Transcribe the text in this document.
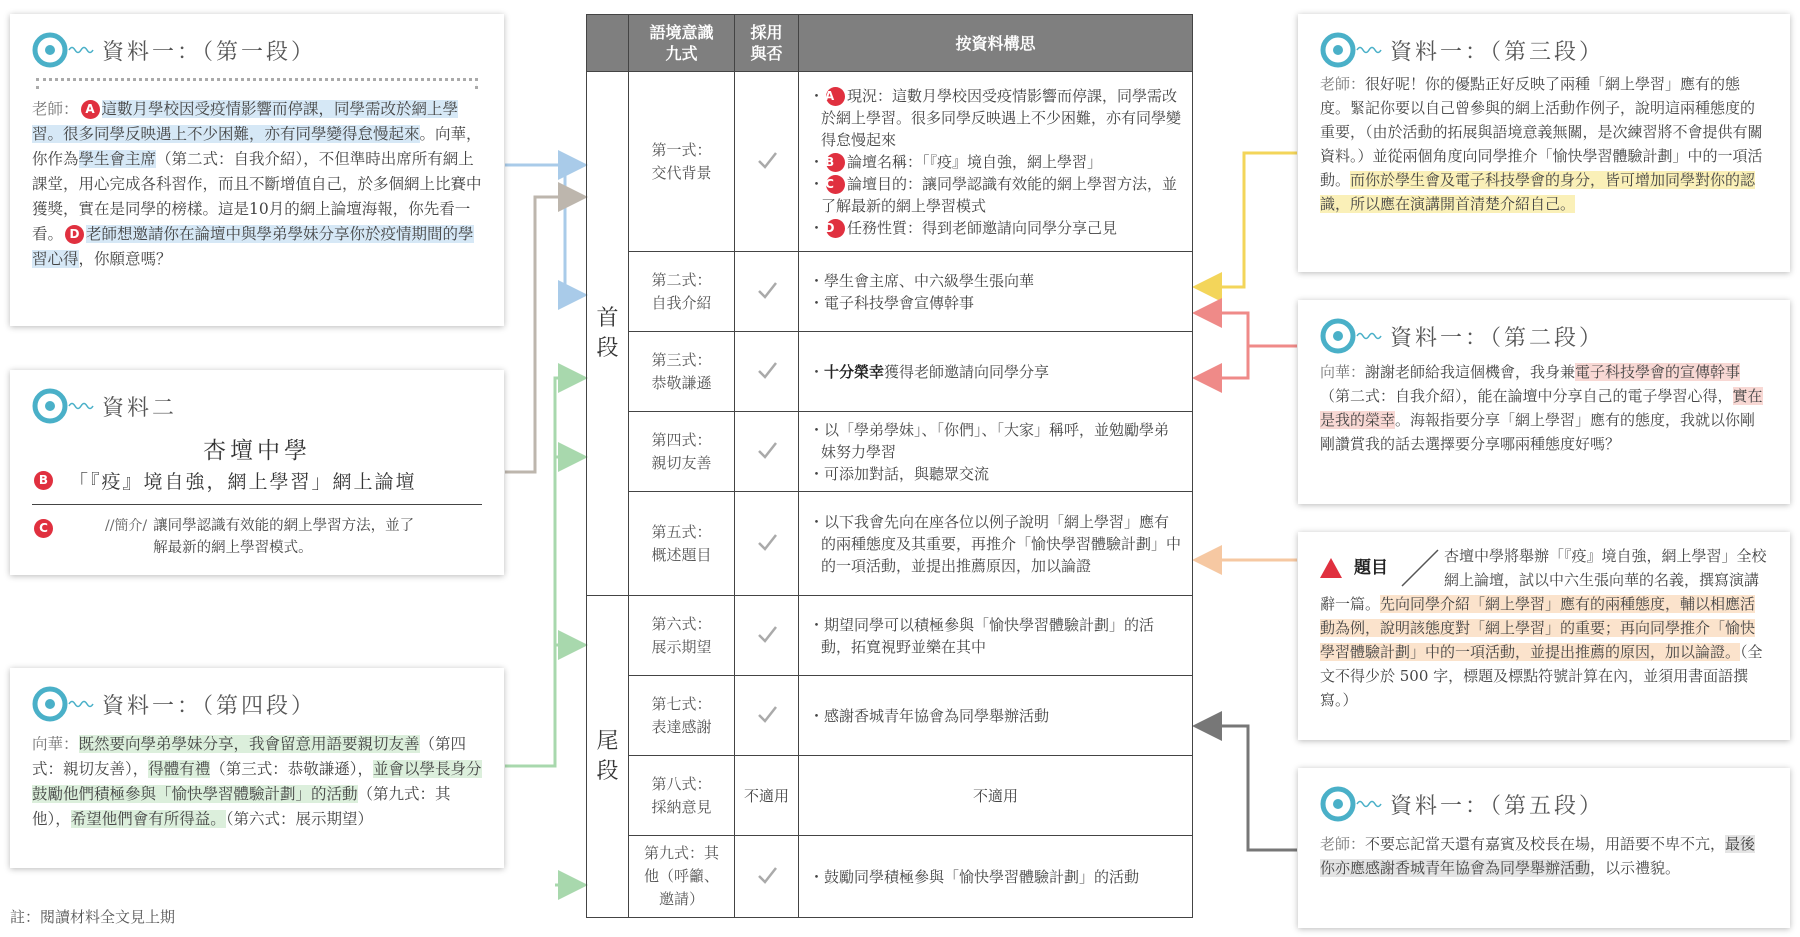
資料一：（第一段）
老師： A 這數月學校因受疫情影響而停課，同學需改於網上學習。很多同學反映遇上不少困難，亦有同學變得怠慢起來。向華，你作為學生會主席（第二式：自我介紹），不但準時出席所有網上課堂，用心完成各科習作，而且不斷增值自己，於多個網上比賽中獲獎，實在是同學的榜樣。這是10月的網上論壇海報，你先看一看。 D 老師想邀請你在論壇中與學弟學妹分享你於疫情期間的學習心得，你願意嗎？
資料二
杏壇中學
B 「『疫』境自強，網上學習」網上論壇
C	//簡介/ 讓同學認識有效能的網上學習方法，並了解最新的網上學習模式。
資料一：（第四段）
向華：既然要向學弟學妹分享，我會留意用語要親切友善（第四式：親切友善），得體有禮（第三式：恭敬謙遜），並會以學長身分鼓勵他們積極參與「愉快學習體驗計劃」的活動（第九式：其他），希望他們會有所得益。（第六式：展示期望）
資料一：（第三段）
老師：很好呢！你的優點正好反映了兩種「網上學習」應有的態度。緊記你要以自己曾參與的網上活動作例子，說明這兩種態度的重要，（由於活動的拓展與語境意義無關，是次練習將不會提供有關資料。）並從兩個角度向同學推介「愉快學習體驗計劃」中的一項活動。而你於學生會及電子科技學會的身分，皆可增加同學對你的認識，所以應在演講開首清楚介紹自己。
資料一：（第二段）
向華：謝謝老師給我這個機會，我身兼電子科技學會的宣傳幹事（第二式：自我介紹），能在論壇中分享自己的電子學習心得，實在是我的榮幸。海報指要分享「網上學習」應有的態度，我就以你剛剛讚賞我的話去選擇要分享哪兩種態度好嗎？
題目
杏壇中學將舉辦「『疫』境自強，網上學習」全校網上論壇，試以中六生張向華的名義，撰寫演講辭一篇。先向同學介紹「網上學習」應有的兩種態度，輔以相應活動為例，說明該態度對「網上學習」的重要；再向同學推介「愉快學習體驗計劃」中的一項活動，並提出推薦的原因，加以論證。（全文不得少於 500 字，標題及標點符號計算在內，並須用書面語撰寫。）
資料一：（第五段）
老師：不要忘記當天還有嘉賓及校長在場，用語要不卑不亢，最後你亦應感謝香城青年協會為同學舉辦活動，以示禮貌。
	語境意識九式	採用與否	按資料構思
首段	第一式：交代背景		・A 現況：這數月學校因受疫情影響而停課，同學需改於網上學習。很多同學反映遇上不少困難，亦有同學變得怠慢起來
・B 論壇名稱：「『疫』境自強，網上學習」
・C 論壇目的：讓同學認識有效能的網上學習方法，並了解最新的網上學習模式
・D 任務性質：得到老師邀請向同學分享己見

	第二式：自我介紹		・學生會主席、中六級學生張向華
・電子科技學會宣傳幹事

	第三式：恭敬謙遜		・十分榮幸獲得老師邀請向同學分享

	第四式：親切友善		・以「學弟學妹」、「你們」、「大家」稱呼，並勉勵學弟妹努力學習
・可添加對話，與聽眾交流

	第五式：概述題目		・以下我會先向在座各位以例子說明「網上學習」應有的兩種態度及其重要，再推介「愉快學習體驗計劃」中的一項活動，並提出推薦原因，加以論證

尾段	第六式：展示期望		・期望同學可以積極參與「愉快學習體驗計劃」的活動，拓寬視野並樂在其中

	第七式：表達感謝		・感謝香城青年協會為同學舉辦活動

	第八式：採納意見	不適用	不適用

	第九式：其他（呼籲、邀請）		・鼓勵同學積極參與「愉快學習體驗計劃」的活動
註：閱讀材料全文見上期
